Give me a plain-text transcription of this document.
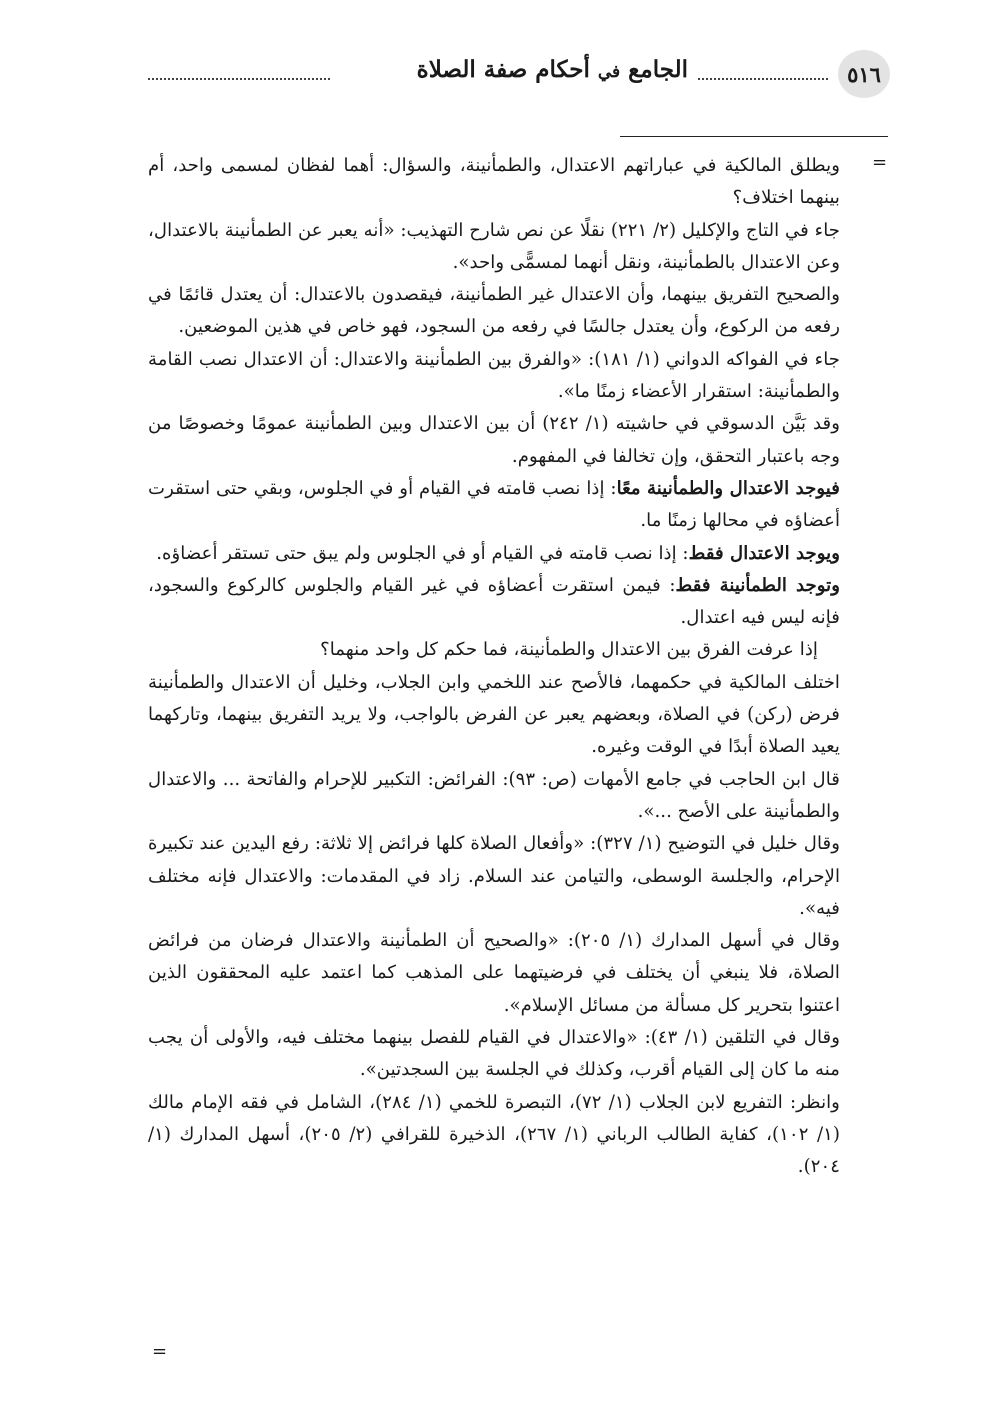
٥١٦
الجامع في أحكام صفة الصلاة
=

ويطلق المالكية في عباراتهم الاعتدال، والطمأنينة، والسؤال: أهما لفظان لمسمى واحد، أم بينهما اختلاف؟

جاء في التاج والإكليل (٢/ ٢٢١) نقلًا عن نص شارح التهذيب: «أنه يعبر عن الطمأنينة بالاعتدال، وعن الاعتدال بالطمأنينة، ونقل أنهما لمسمًّى واحد».

والصحيح التفريق بينهما، وأن الاعتدال غير الطمأنينة، فيقصدون بالاعتدال: أن يعتدل قائمًا في رفعه من الركوع، وأن يعتدل جالسًا في رفعه من السجود، فهو خاص في هذين الموضعين.

جاء في الفواكه الدواني (١/ ١٨١): «والفرق بين الطمأنينة والاعتدال: أن الاعتدال نصب القامة والطمأنينة: استقرار الأعضاء زمنًا ما».

وقد بَيَّن الدسوقي في حاشيته (١/ ٢٤٢) أن بين الاعتدال وبين الطمأنينة عمومًا وخصوصًا من وجه باعتبار التحقق، وإن تخالفا في المفهوم.

فيوجد الاعتدال والطمأنينة معًا: إذا نصب قامته في القيام أو في الجلوس، وبقي حتى استقرت أعضاؤه في محالها زمنًا ما.

ويوجد الاعتدال فقط: إذا نصب قامته في القيام أو في الجلوس ولم يبق حتى تستقر أعضاؤه.

وتوجد الطمأنينة فقط: فيمن استقرت أعضاؤه في غير القيام والجلوس كالركوع والسجود، فإنه ليس فيه اعتدال.

إذا عرفت الفرق بين الاعتدال والطمأنينة، فما حكم كل واحد منهما؟

اختلف المالكية في حكمهما، فالأصح عند اللخمي وابن الجلاب، وخليل أن الاعتدال والطمأنينة فرض (ركن) في الصلاة، وبعضهم يعبر عن الفرض بالواجب، ولا يريد التفريق بينهما، وتاركهما يعيد الصلاة أبدًا في الوقت وغيره.

قال ابن الحاجب في جامع الأمهات (ص: ٩٣): الفرائض: التكبير للإحرام والفاتحة ... والاعتدال والطمأنينة على الأصح ...».

وقال خليل في التوضيح (١/ ٣٢٧): «وأفعال الصلاة كلها فرائض إلا ثلاثة: رفع اليدين عند تكبيرة الإحرام، والجلسة الوسطى، والتيامن عند السلام. زاد في المقدمات: والاعتدال فإنه مختلف فيه».

وقال في أسهل المدارك (١/ ٢٠٥): «والصحيح أن الطمأنينة والاعتدال فرضان من فرائض الصلاة، فلا ينبغي أن يختلف في فرضيتهما على المذهب كما اعتمد عليه المحققون الذين اعتنوا بتحرير كل مسألة من مسائل الإسلام».

وقال في التلقين (١/ ٤٣): «والاعتدال في القيام للفصل بينهما مختلف فيه، والأولى أن يجب منه ما كان إلى القيام أقرب، وكذلك في الجلسة بين السجدتين».

وانظر: التفريع لابن الجلاب (١/ ٧٢)، التبصرة للخمي (١/ ٢٨٤)، الشامل في فقه الإمام مالك (١/ ١٠٢)، كفاية الطالب الرباني (١/ ٢٦٧)، الذخيرة للقرافي (٢/ ٢٠٥)، أسهل المدارك (١/ ٢٠٤).

=
